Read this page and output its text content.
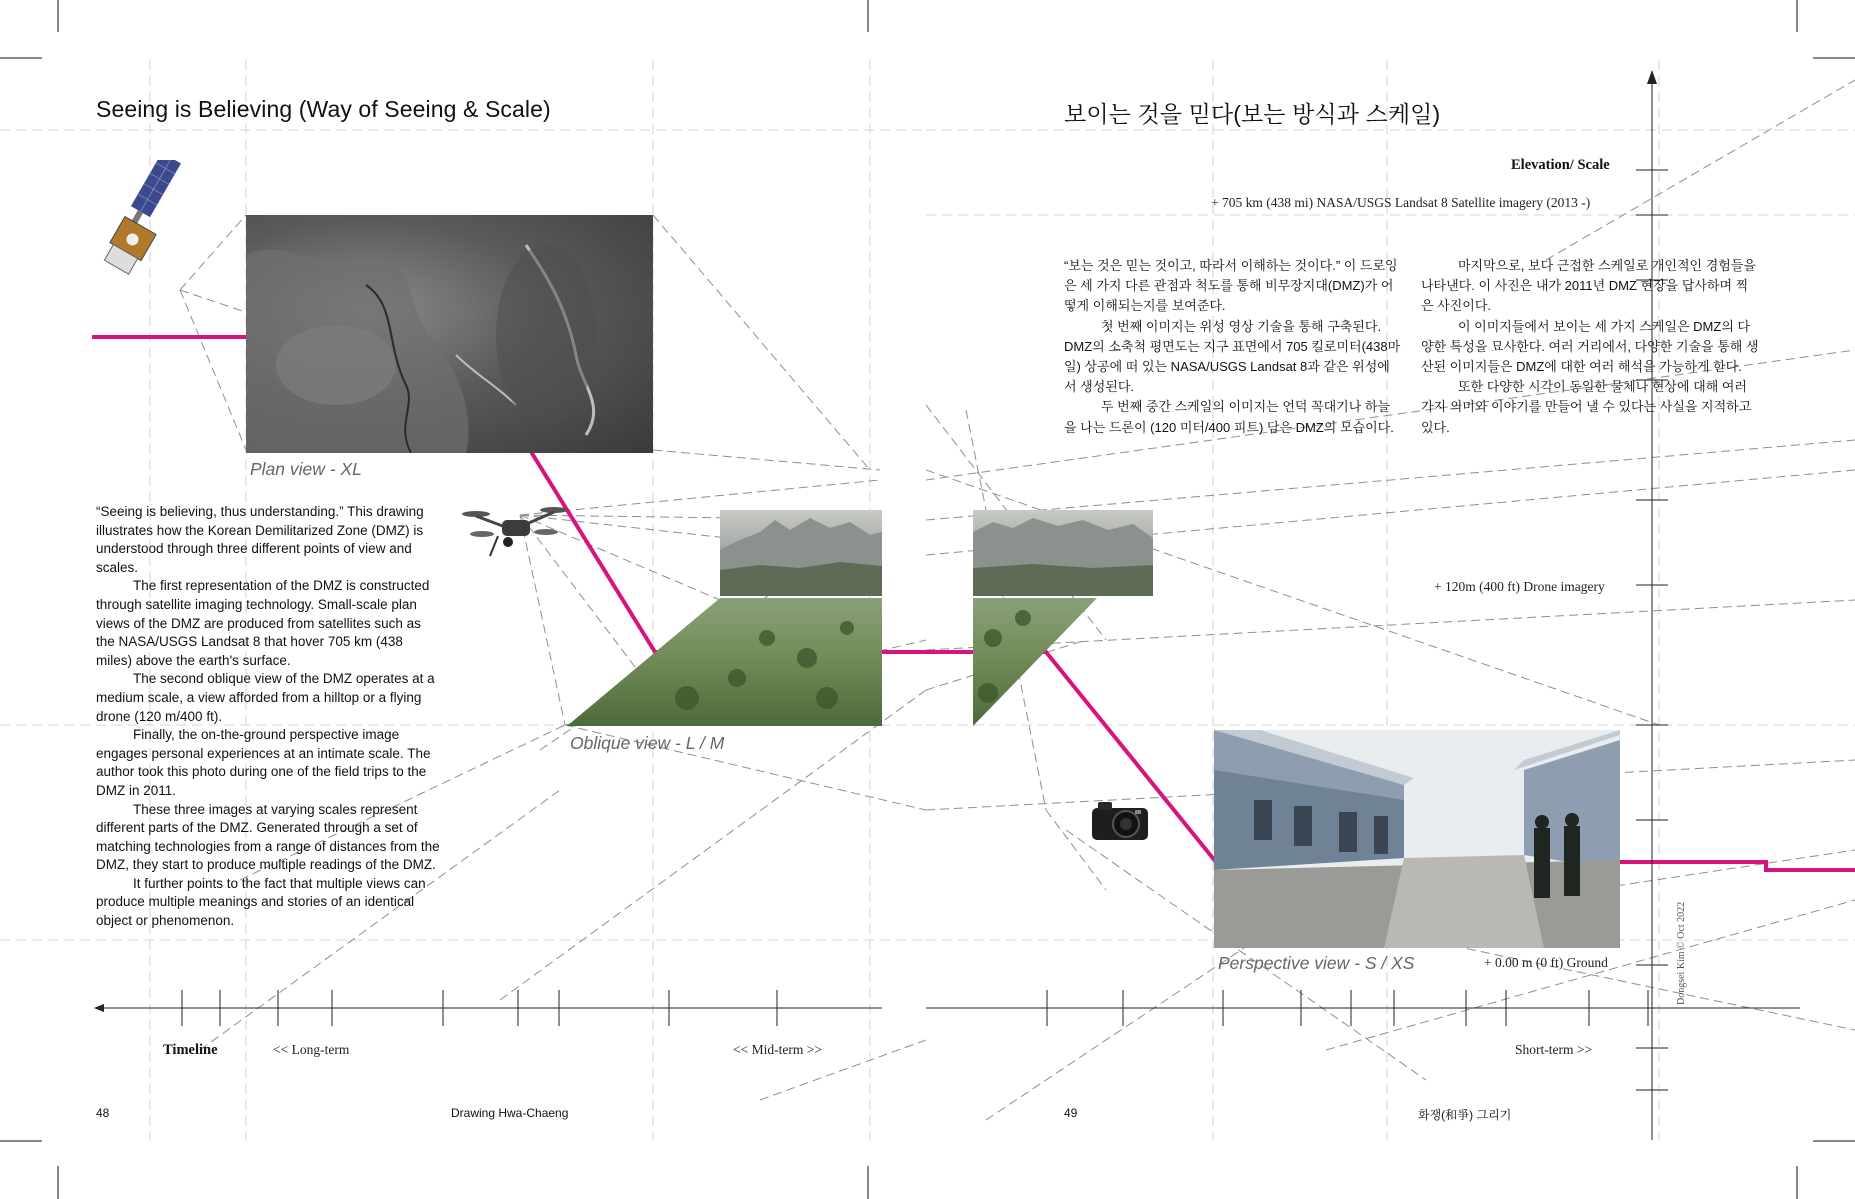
Seeing is Believing (Way of Seeing & Scale)
Plan view - XL
Oblique view - L / M

“Seeing is believing, thus understanding.” This drawing illustrates how the Korean Demilitarized Zone (DMZ) is understood through three different points of view and scales.

The first representation of the DMZ is constructed through satellite imaging technology. Small-scale plan views of the DMZ are produced from satellites such as the NASA/USGS Landsat 8 that hover 705 km (438 miles) above the earth's surface.

The second oblique view of the DMZ operates at a medium scale, a view afforded from a hilltop or a flying drone (120 m/400 ft).

Finally, the on-the-ground perspective image engages personal experiences at an intimate scale. The author took this photo during one of the field trips to the DMZ in 2011.

These three images at varying scales represent different parts of the DMZ. Generated through a set of matching technologies from a range of distances from the DMZ, they start to produce multiple readings of the DMZ.

It further points to the fact that multiple views can produce multiple meanings and stories of an identical object or phenomenon.

Timeline	<< Long-term	<< Mid-term >>
48	Drawing Hwa-Chaeng
보이는 것을 믿다(보는 방식과 스케일)
Elevation/ Scale
+ 705 km (438 mi) NASA/USGS Landsat 8 Satellite imagery (2013 -)
+ 120m (400 ft) Drone imagery
+ 0.00 m (0 ft) Ground

“보는 것은 믿는 것이고, 따라서 이해하는 것이다.” 이 드로잉은 세 가지 다른 관점과 척도를 통해 비무장지대(DMZ)가 어떻게 이해되는지를 보여준다.

첫 번째 이미지는 위성 영상 기술을 통해 구축된다. DMZ의 소축척 평면도는 지구 표면에서 705 킬로미터(438마일) 상공에 떠 있는 NASA/USGS Landsat 8과 같은 위성에서 생성된다.

두 번째 중간 스케일의 이미지는 언덕 꼭대기나 하늘을 나는 드론이 (120 미터/400 피트) 담은 DMZ의 모습이다.

마지막으로, 보다 근접한 스케일로 개인적인 경험들을 나타낸다. 이 사진은 내가 2011년 DMZ 현장을 답사하며 찍은 사진이다.

이 이미지들에서 보이는 세 가지 스케일은 DMZ의 다양한 특성을 묘사한다. 여러 거리에서, 다양한 기술을 통해 생산된 이미지들은 DMZ에 대한 여러 해석을 가능하게 한다.

또한 다양한 시각이 동일한 물체나 현상에 대해 여러 가지 의미와 이야기를 만들어 낼 수 있다는 사실을 지적하고 있다.

Perspective view - S / XS
Short-term >>
Dongsei Kim © Oct 2022
49	화쟁(和爭) 그리기
